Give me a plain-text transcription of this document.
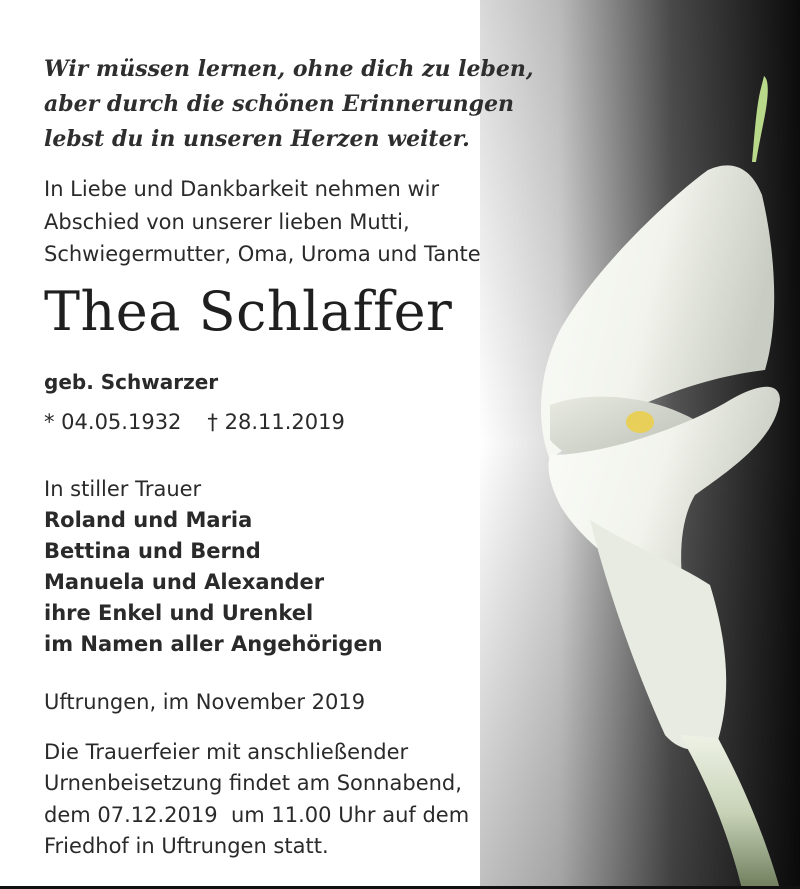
Wir müssen lernen, ohne dich zu leben,
aber durch die schönen Erinnerungen
lebst du in unseren Herzen weiter.
In Liebe und Dankbarkeit nehmen wir
Abschied von unserer lieben Mutti,
Schwiegermutter, Oma, Uroma und Tante
Thea Schlaffer
geb. Schwarzer
* 04.05.1932 † 28.11.2019
In stiller Trauer
Roland und Maria
Bettina und Bernd
Manuela und Alexander
ihre Enkel und Urenkel
im Namen aller Angehörigen
Uftrungen, im November 2019
Die Trauerfeier mit anschließender
Urnenbeisetzung findet am Sonnabend,
dem 07.12.2019  um 11.00 Uhr auf dem
Friedhof in Uftrungen statt.
